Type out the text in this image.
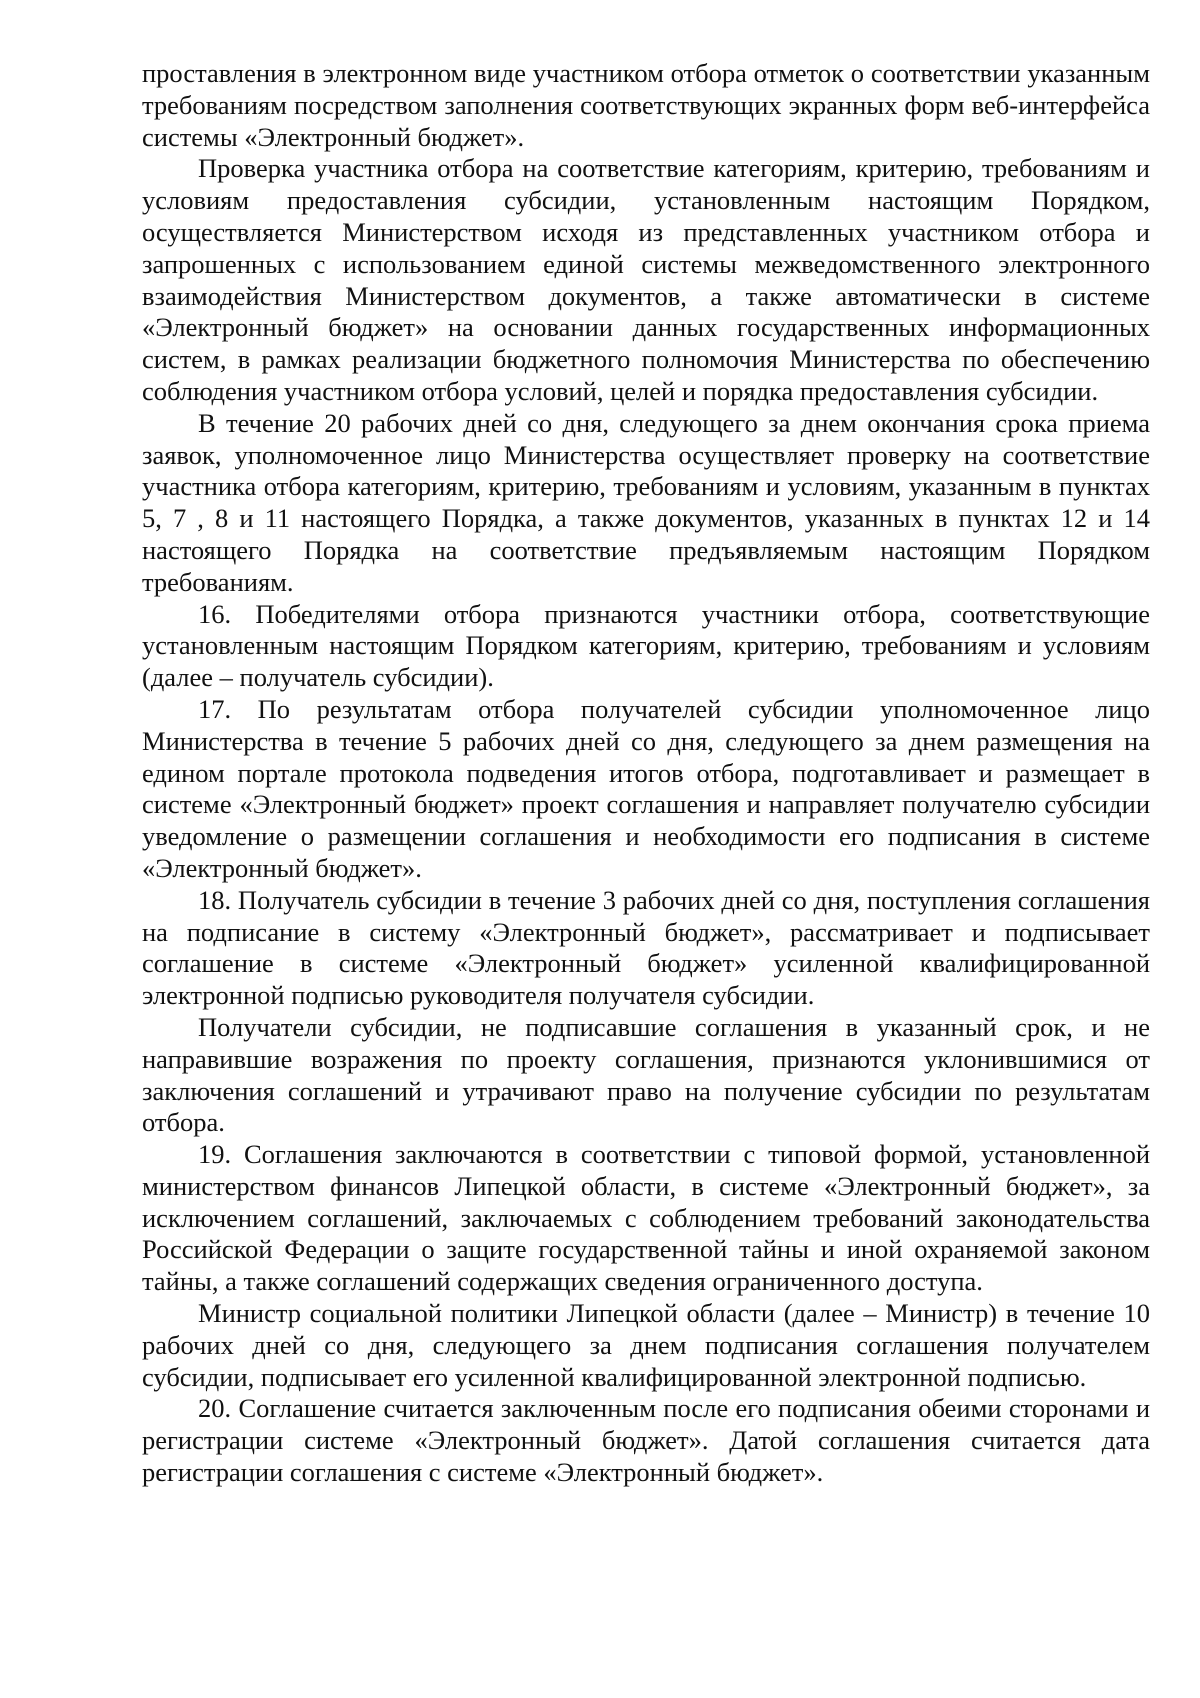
проставления в электронном виде участником отбора отметок о соответствии указанным требованиям посредством заполнения соответствующих экранных форм веб-интерфейса системы «Электронный бюджет».

Проверка участника отбора на соответствие категориям, критерию, требованиям и условиям предоставления субсидии, установленным настоящим Порядком, осуществляется Министерством исходя из представленных участником отбора и запрошенных с использованием единой системы межведомственного электронного взаимодействия Министерством документов, а также автоматически в системе «Электронный бюджет» на основании данных государственных информационных систем, в рамках реализации бюджетного полномочия Министерства по обеспечению соблюдения участником отбора условий, целей и порядка предоставления субсидии.

В течение 20 рабочих дней со дня, следующего за днем окончания срока приема заявок, уполномоченное лицо Министерства осуществляет проверку на соответствие участника отбора категориям, критерию, требованиям и условиям, указанным в пунктах 5, 7 , 8 и 11 настоящего Порядка, а также документов, указанных в пунктах 12 и 14 настоящего Порядка на соответствие предъявляемым настоящим Порядком требованиям.

16. Победителями отбора признаются участники отбора, соответствующие установленным настоящим Порядком категориям, критерию, требованиям и условиям (далее – получатель субсидии).

17. По результатам отбора получателей субсидии уполномоченное лицо Министерства в течение 5 рабочих дней со дня, следующего за днем размещения на едином портале протокола подведения итогов отбора, подготавливает и размещает в системе «Электронный бюджет» проект соглашения и направляет получателю субсидии уведомление о размещении соглашения и необходимости его подписания в системе «Электронный бюджет».

18. Получатель субсидии в течение 3 рабочих дней со дня, поступления соглашения на подписание в систему «Электронный бюджет», рассматривает и подписывает соглашение в системе «Электронный бюджет» усиленной квалифицированной электронной подписью руководителя получателя субсидии.

Получатели субсидии, не подписавшие соглашения в указанный срок, и не направившие возражения по проекту соглашения, признаются уклонившимися от заключения соглашений и утрачивают право на получение субсидии по результатам отбора.

19. Соглашения заключаются в соответствии с типовой формой, установленной министерством финансов Липецкой области, в системе «Электронный бюджет», за исключением соглашений, заключаемых с соблюдением требований законодательства Российской Федерации о защите государственной тайны и иной охраняемой законом тайны, а также соглашений содержащих сведения ограниченного доступа.

Министр социальной политики Липецкой области (далее – Министр) в течение 10 рабочих дней со дня, следующего за днем подписания соглашения получателем субсидии, подписывает его усиленной квалифицированной электронной подписью.

20. Соглашение считается заключенным после его подписания обеими сторонами и регистрации системе «Электронный бюджет». Датой соглашения считается дата регистрации соглашения с системе «Электронный бюджет».
